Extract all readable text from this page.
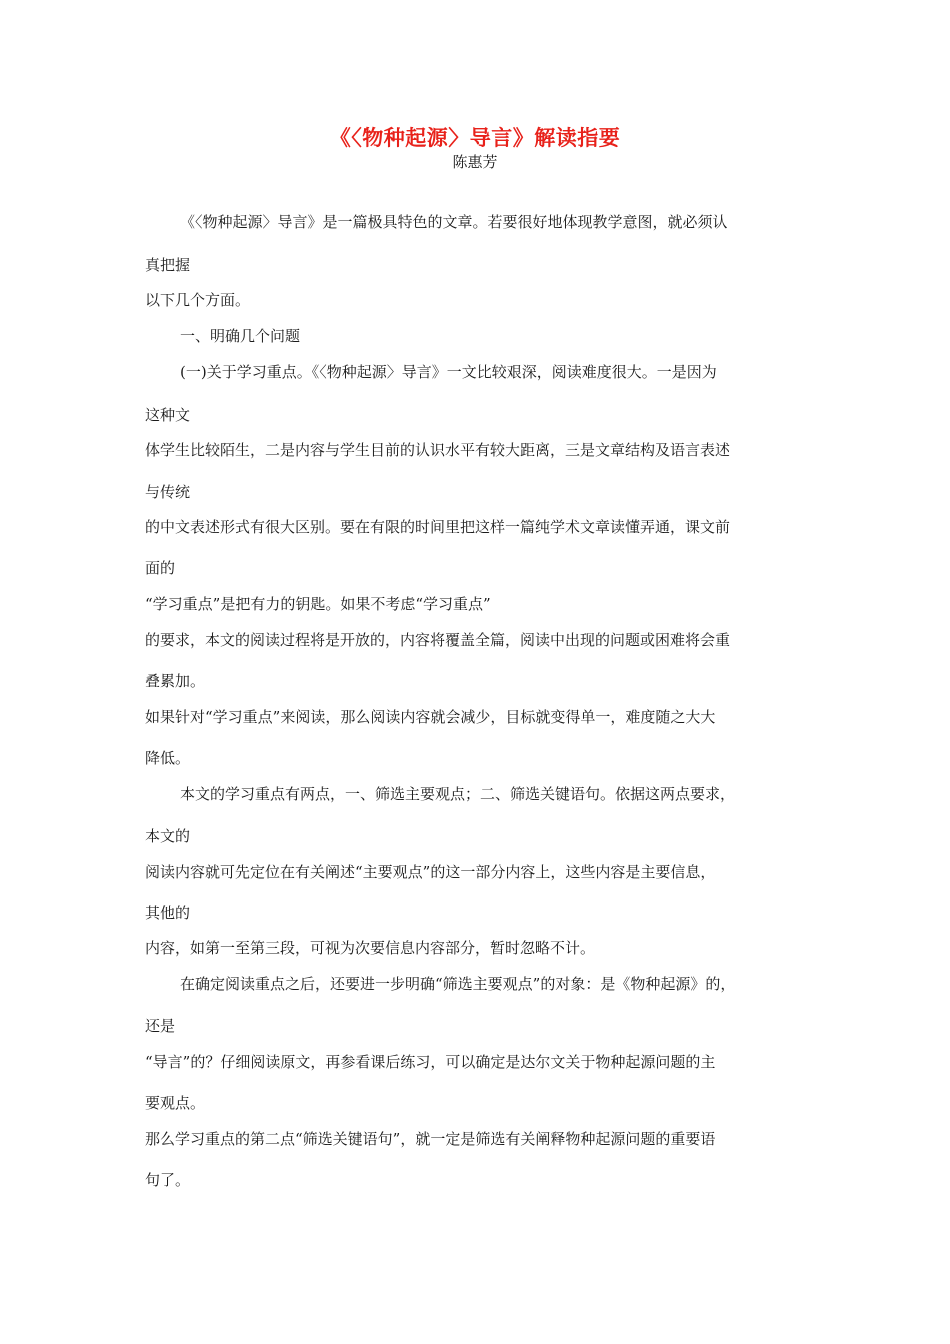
《〈物种起源〉导言》解读指要
陈惠芳
《〈物种起源〉导言》是一篇极具特色的文章。若要很好地体现教学意图，就必须认
真把握
以下几个方面。
一、明确几个问题
(一)关于学习重点。《〈物种起源〉导言》一文比较艰深，阅读难度很大。一是因为
这种文
体学生比较陌生，二是内容与学生目前的认识水平有较大距离，三是文章结构及语言表述
与传统
的中文表述形式有很大区别。要在有限的时间里把这样一篇纯学术文章读懂弄通，课文前
面的
“学习重点”是把有力的钥匙。如果不考虑“学习重点”
的要求，本文的阅读过程将是开放的，内容将覆盖全篇，阅读中出现的问题或困难将会重
叠累加。
如果针对“学习重点”来阅读，那么阅读内容就会减少，目标就变得单一，难度随之大大
降低。
本文的学习重点有两点，一、筛选主要观点；二、筛选关键语句。依据这两点要求，
本文的
阅读内容就可先定位在有关阐述“主要观点”的这一部分内容上，这些内容是主要信息，
其他的
内容，如第一至第三段，可视为次要信息内容部分，暂时忽略不计。
在确定阅读重点之后，还要进一步明确“筛选主要观点”的对象：是《物种起源》的，
还是
“导言”的？仔细阅读原文，再参看课后练习，可以确定是达尔文关于物种起源问题的主
要观点。
那么学习重点的第二点“筛选关键语句”，就一定是筛选有关阐释物种起源问题的重要语
句了。
